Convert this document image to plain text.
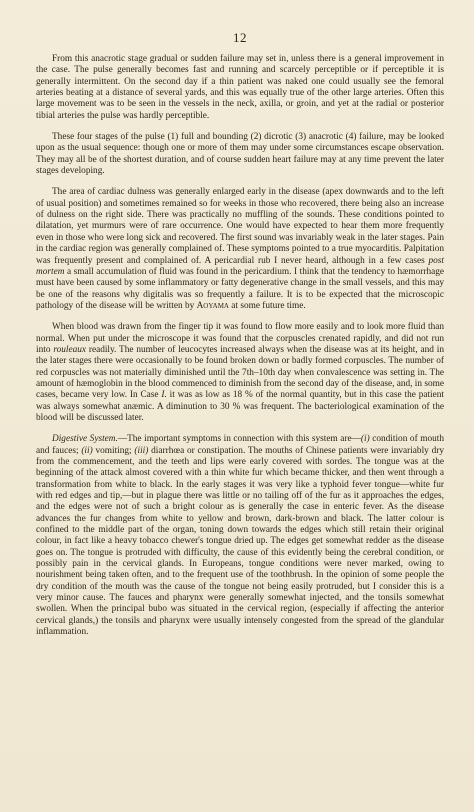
12

From this anacrotic stage gradual or sudden failure may set in, unless there is a general improvement in the case. The pulse generally becomes fast and running and scarcely perceptible or if perceptible it is generally intermittent. On the second day if a thin patient was naked one could usually see the femoral arteries beating at a distance of several yards, and this was equally true of the other large arteries. Often this large movement was to be seen in the vessels in the neck, axilla, or groin, and yet at the radial or posterior tibial arteries the pulse was hardly perceptible.

These four stages of the pulse (1) full and bounding (2) dicrotic (3) anacrotic (4) failure, may be looked upon as the usual sequence: though one or more of them may under some circumstances escape observation. They may all be of the shortest duration, and of course sudden heart failure may at any time prevent the later stages developing.

The area of cardiac dulness was generally enlarged early in the disease (apex downwards and to the left of usual position) and sometimes remained so for weeks in those who recovered, there being also an increase of dulness on the right side. There was practically no muffling of the sounds. These conditions pointed to dilatation, yet murmurs were of rare occurrence. One would have expected to hear them more frequently even in those who were long sick and recovered. The first sound was invariably weak in the later stages. Pain in the cardiac region was generally complained of. These symptoms pointed to a true myocarditis. Palpitation was frequently present and complained of. A pericardial rub I never heard, although in a few cases post mortem a small accumulation of fluid was found in the pericardium. I think that the tendency to hæmorrhage must have been caused by some inflammatory or fatty degenerative change in the small vessels, and this may be one of the reasons why digitalis was so frequently a failure. It is to be expected that the microscopic pathology of the disease will be written by Aoyama at some future time.

When blood was drawn from the finger tip it was found to flow more easily and to look more fluid than normal. When put under the microscope it was found that the corpuscles crenated rapidly, and did not run into rouleaux readily. The number of leucocytes increased always when the disease was at its height, and in the later stages there were occasionally to be found broken down or badly formed corpuscles. The number of red corpuscles was not materially diminished until the 7th–10th day when convalescence was setting in. The amount of hæmoglobin in the blood commenced to diminish from the second day of the disease, and, in some cases, became very low. In Case I. it was as low as 18 % of the normal quantity, but in this case the patient was always somewhat anæmic. A diminution to 30 % was frequent. The bacteriological examination of the blood will be discussed later.

Digestive System.—The important symptoms in connection with this system are—(i) condition of mouth and fauces; (ii) vomiting; (iii) diarrhœa or constipation. The mouths of Chinese patients were invariably dry from the commencement, and the teeth and lips were early covered with sordes. The tongue was at the beginning of the attack almost covered with a thin white fur which became thicker, and then went through a transformation from white to black. In the early stages it was very like a typhoid fever tongue—white fur with red edges and tip,—but in plague there was little or no tailing off of the fur as it approaches the edges, and the edges were not of such a bright colour as is generally the case in enteric fever. As the disease advances the fur changes from white to yellow and brown, dark-brown and black. The latter colour is confined to the middle part of the organ, toning down towards the edges which still retain their original colour, in fact like a heavy tobacco chewer's tongue dried up. The edges get somewhat redder as the disease goes on. The tongue is protruded with difficulty, the cause of this evidently being the cerebral condition, or possibly pain in the cervical glands. In Europeans, tongue conditions were never marked, owing to nourishment being taken often, and to the frequent use of the toothbrush. In the opinion of some people the dry condition of the mouth was the cause of the tongue not being easily protruded, but I consider this is a very minor cause. The fauces and pharynx were generally somewhat injected, and the tonsils somewhat swollen. When the principal bubo was situated in the cervical region, (especially if affecting the anterior cervical glands,) the tonsils and pharynx were usually intensely congested from the spread of the glandular inflammation.
